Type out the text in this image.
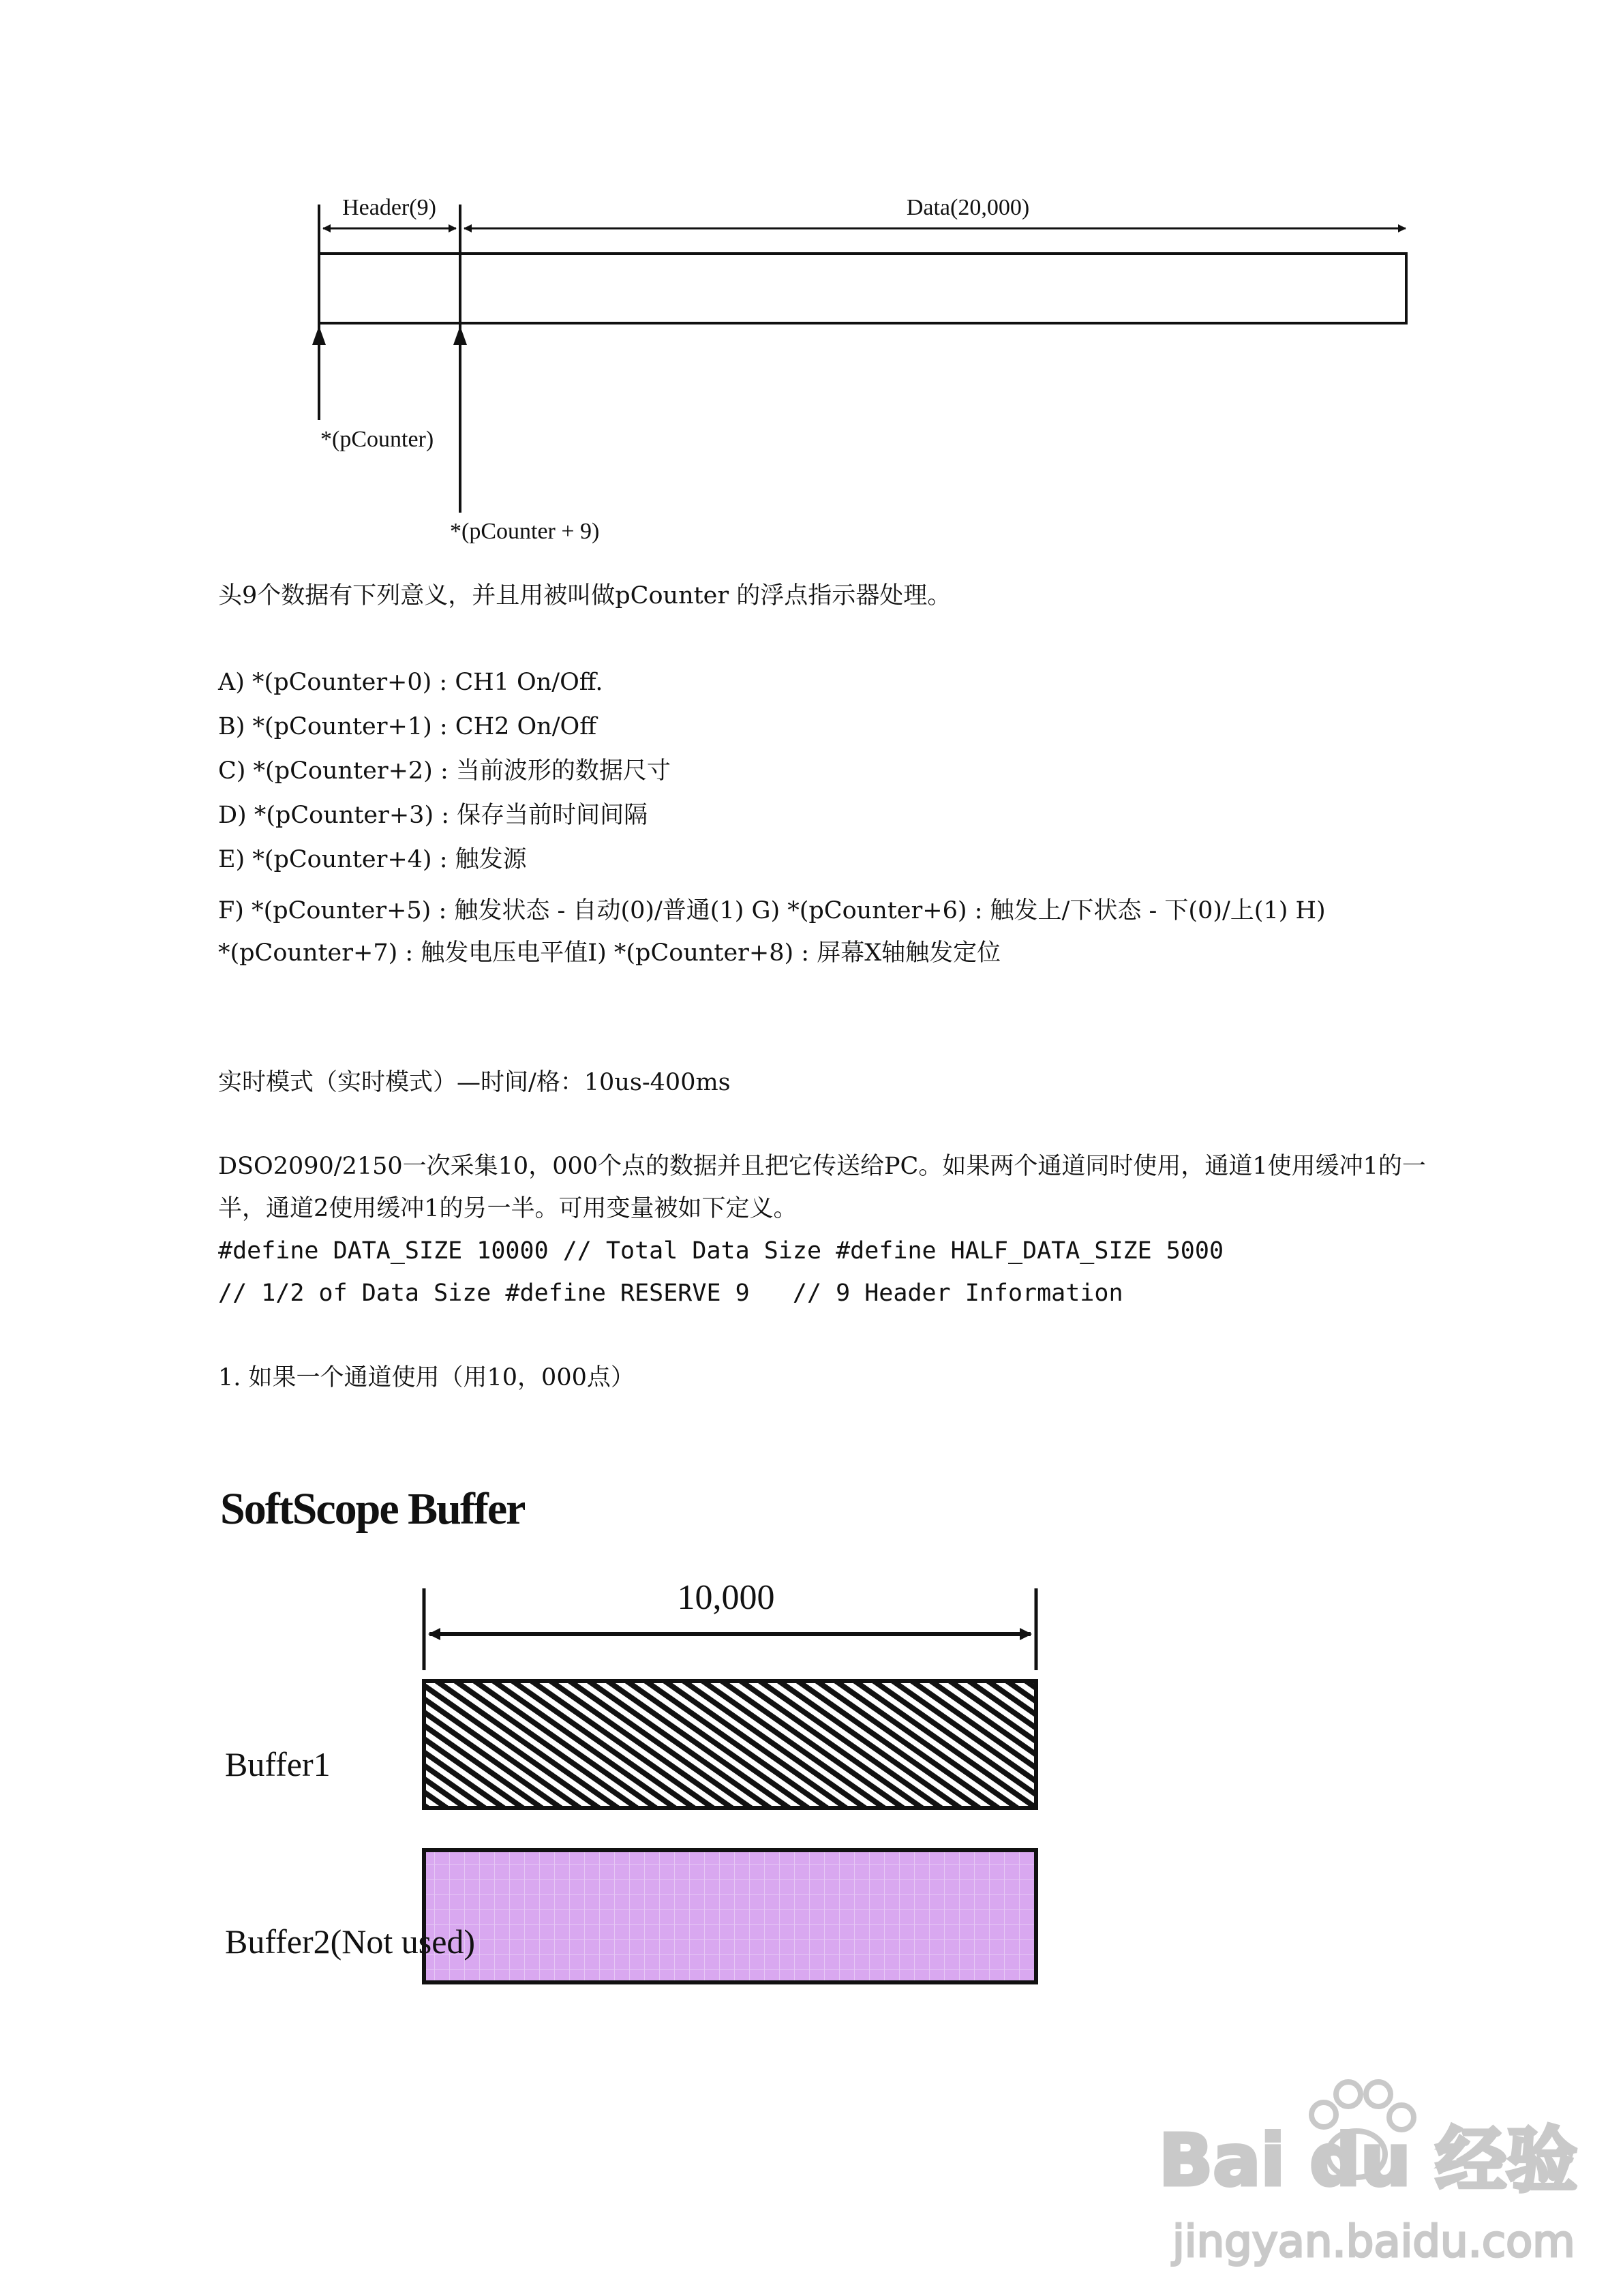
Header(9)	Data(20,000)
*(pCounter)
*(pCounter + 9)
头9个数据有下列意义，并且用被叫做pCounter 的浮点指示器处理。
A) *(pCounter+0) : CH1 On/Off.
B) *(pCounter+1) : CH2 On/Off
C) *(pCounter+2) : 当前波形的数据尺寸
D) *(pCounter+3) : 保存当前时间间隔
E) *(pCounter+4) : 触发源
F) *(pCounter+5) : 触发状态 - 自动(0)/普通(1) G) *(pCounter+6) : 触发上/下状态 - 下(0)/上(1) H)
*(pCounter+7) : 触发电压电平值I) *(pCounter+8) : 屏幕X轴触发定位
实时模式（实时模式）—时间/格：10us-400ms
DSO2090/2150一次采集10，000个点的数据并且把它传送给PC。如果两个通道同时使用，通道1使用缓冲1的一
半，通道2使用缓冲1的另一半。可用变量被如下定义。
#define DATA_SIZE 10000 // Total Data Size #define HALF_DATA_SIZE 5000
// 1/2 of Data Size #define RESERVE 9   // 9 Header Information
1. 如果一个通道使用（用10，000点）
SoftScope Buffer
10,000
Buffer1
Buffer2(Not used)
Bai du 经验
jingyan.baidu.com
